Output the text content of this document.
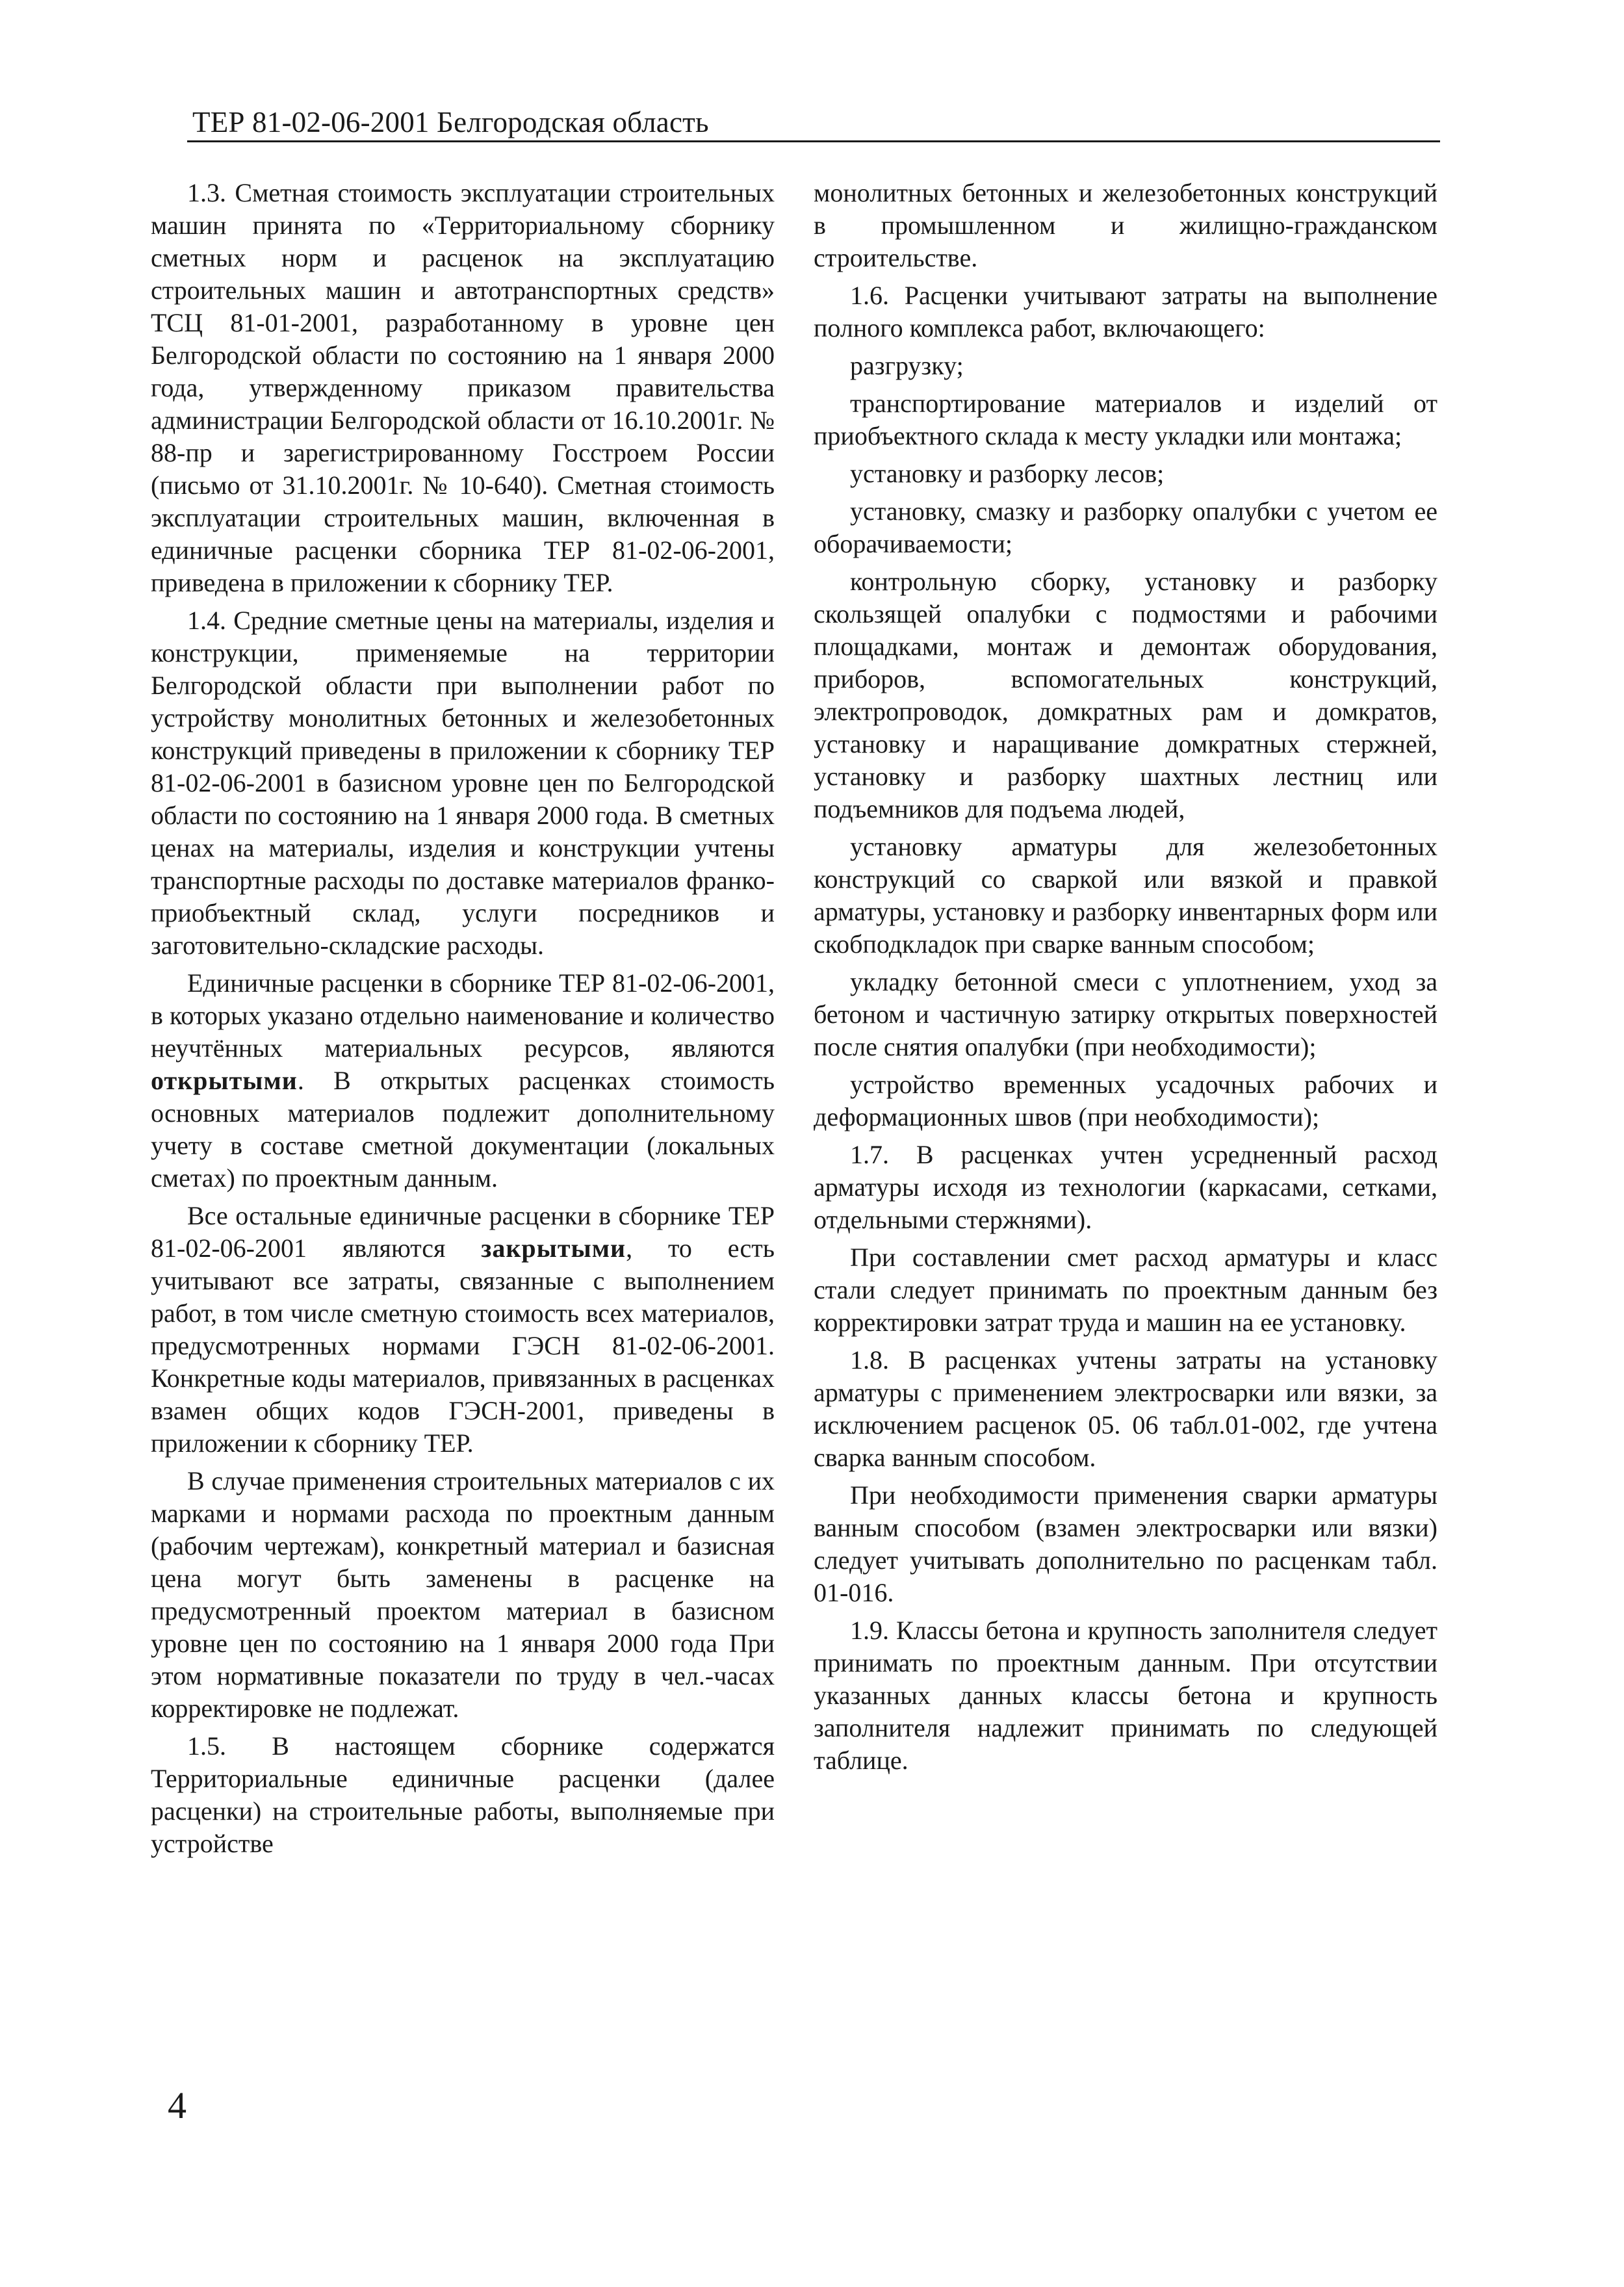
ТЕР 81-02-06-2001 Белгородская область

1.3. Сметная стоимость эксплуатации строительных машин принята по «Территориальному сборнику сметных норм и расценок на эксплуатацию строительных машин и автотранспортных средств» ТСЦ 81-01-2001, разработанному в уровне цен Белгородской области по состоянию на 1 января 2000 года, утвержденному приказом правительства администрации Белгородской области от 16.10.2001г. № 88-пр и зарегистрированному Госстроем России (письмо от 31.10.2001г. № 10-640). Сметная стоимость эксплуатации строительных машин, включенная в единичные расценки сборника ТЕР 81-02-06-2001, приведена в приложении к сборнику ТЕР.

1.4. Средние сметные цены на материалы, изделия и конструкции, применяемые на территории Белгородской области при выполнении работ по устройству монолитных бетонных и железобетонных конструкций приведены в приложении к сборнику ТЕР 81-02-06-2001 в базисном уровне цен по Белгородской области по состоянию на 1 января 2000 года. В сметных ценах на материалы, изделия и конструкции учтены транспортные расходы по доставке материалов франко-приобъектный склад, услуги посредников и заготовительно-складские расходы.

Единичные расценки в сборнике ТЕР 81-02-06-2001, в которых указано отдельно наименование и количество неучтённых материальных ресурсов, являются открытыми. В открытых расценках стоимость основных материалов подлежит дополнительному учету в составе сметной документации (локальных сметах) по проектным данным.

Все остальные единичные расценки в сборнике ТЕР 81-02-06-2001 являются закрытыми, то есть учитывают все затраты, связанные с выполнением работ, в том числе сметную стоимость всех материалов, предусмотренных нормами ГЭСН 81-02-06-2001. Конкретные коды материалов, привязанных в расценках взамен общих кодов ГЭСН-2001, приведены в приложении к сборнику ТЕР.

В случае применения строительных материалов с их марками и нормами расхода по проектным данным (рабочим чертежам), конкретный материал и базисная цена могут быть заменены в расценке на предусмотренный проектом материал в базисном уровне цен по состоянию на 1 января 2000 года При этом нормативные показатели по труду в чел.-часах корректировке не подлежат.

1.5. В настоящем сборнике содержатся Территориальные единичные расценки (далее расценки) на строительные работы, выполняемые при устройстве

монолитных бетонных и железобетонных конструкций в промышленном и жилищно-гражданском строительстве.

1.6. Расценки учитывают затраты на выполнение полного комплекса работ, включающего:

разгрузку;

транспортирование материалов и изделий от приобъектного склада к месту укладки или монтажа;

установку и разборку лесов;

установку, смазку и разборку опалубки с учетом ее оборачиваемости;

контрольную сборку, установку и разборку скользящей опалубки с подмостями и рабочими площадками, монтаж и демонтаж оборудования, приборов, вспомогательных конструкций, электропроводок, домкратных рам и домкратов, установку и наращивание домкратных стержней, установку и разборку шахтных лестниц или подъемников для подъема людей,

установку арматуры для железобетонных конструкций со сваркой или вязкой и правкой арматуры, установку и разборку инвентарных форм или скобподкладок при сварке ванным способом;

укладку бетонной смеси с уплотнением, уход за бетоном и частичную затирку открытых поверхностей после снятия опалубки (при необходимости);

устройство временных усадочных рабочих и деформационных швов (при необходимости);

1.7. В расценках учтен усредненный расход арматуры исходя из технологии (каркасами, сетками, отдельными стержнями).

При составлении смет расход арматуры и класс стали следует принимать по проектным данным без корректировки затрат труда и машин на ее установку.

1.8. В расценках учтены затраты на установку арматуры с применением электросварки или вязки, за исключением расценок 05. 06 табл.01-002, где учтена сварка ванным способом.

При необходимости применения сварки арматуры ванным способом (взамен электросварки или вязки) следует учитывать дополнительно по расценкам табл. 01-016.

1.9. Классы бетона и крупность заполнителя следует принимать по проектным данным. При отсутствии указанных данных классы бетона и крупность заполнителя надлежит принимать по следующей таблице.

4
